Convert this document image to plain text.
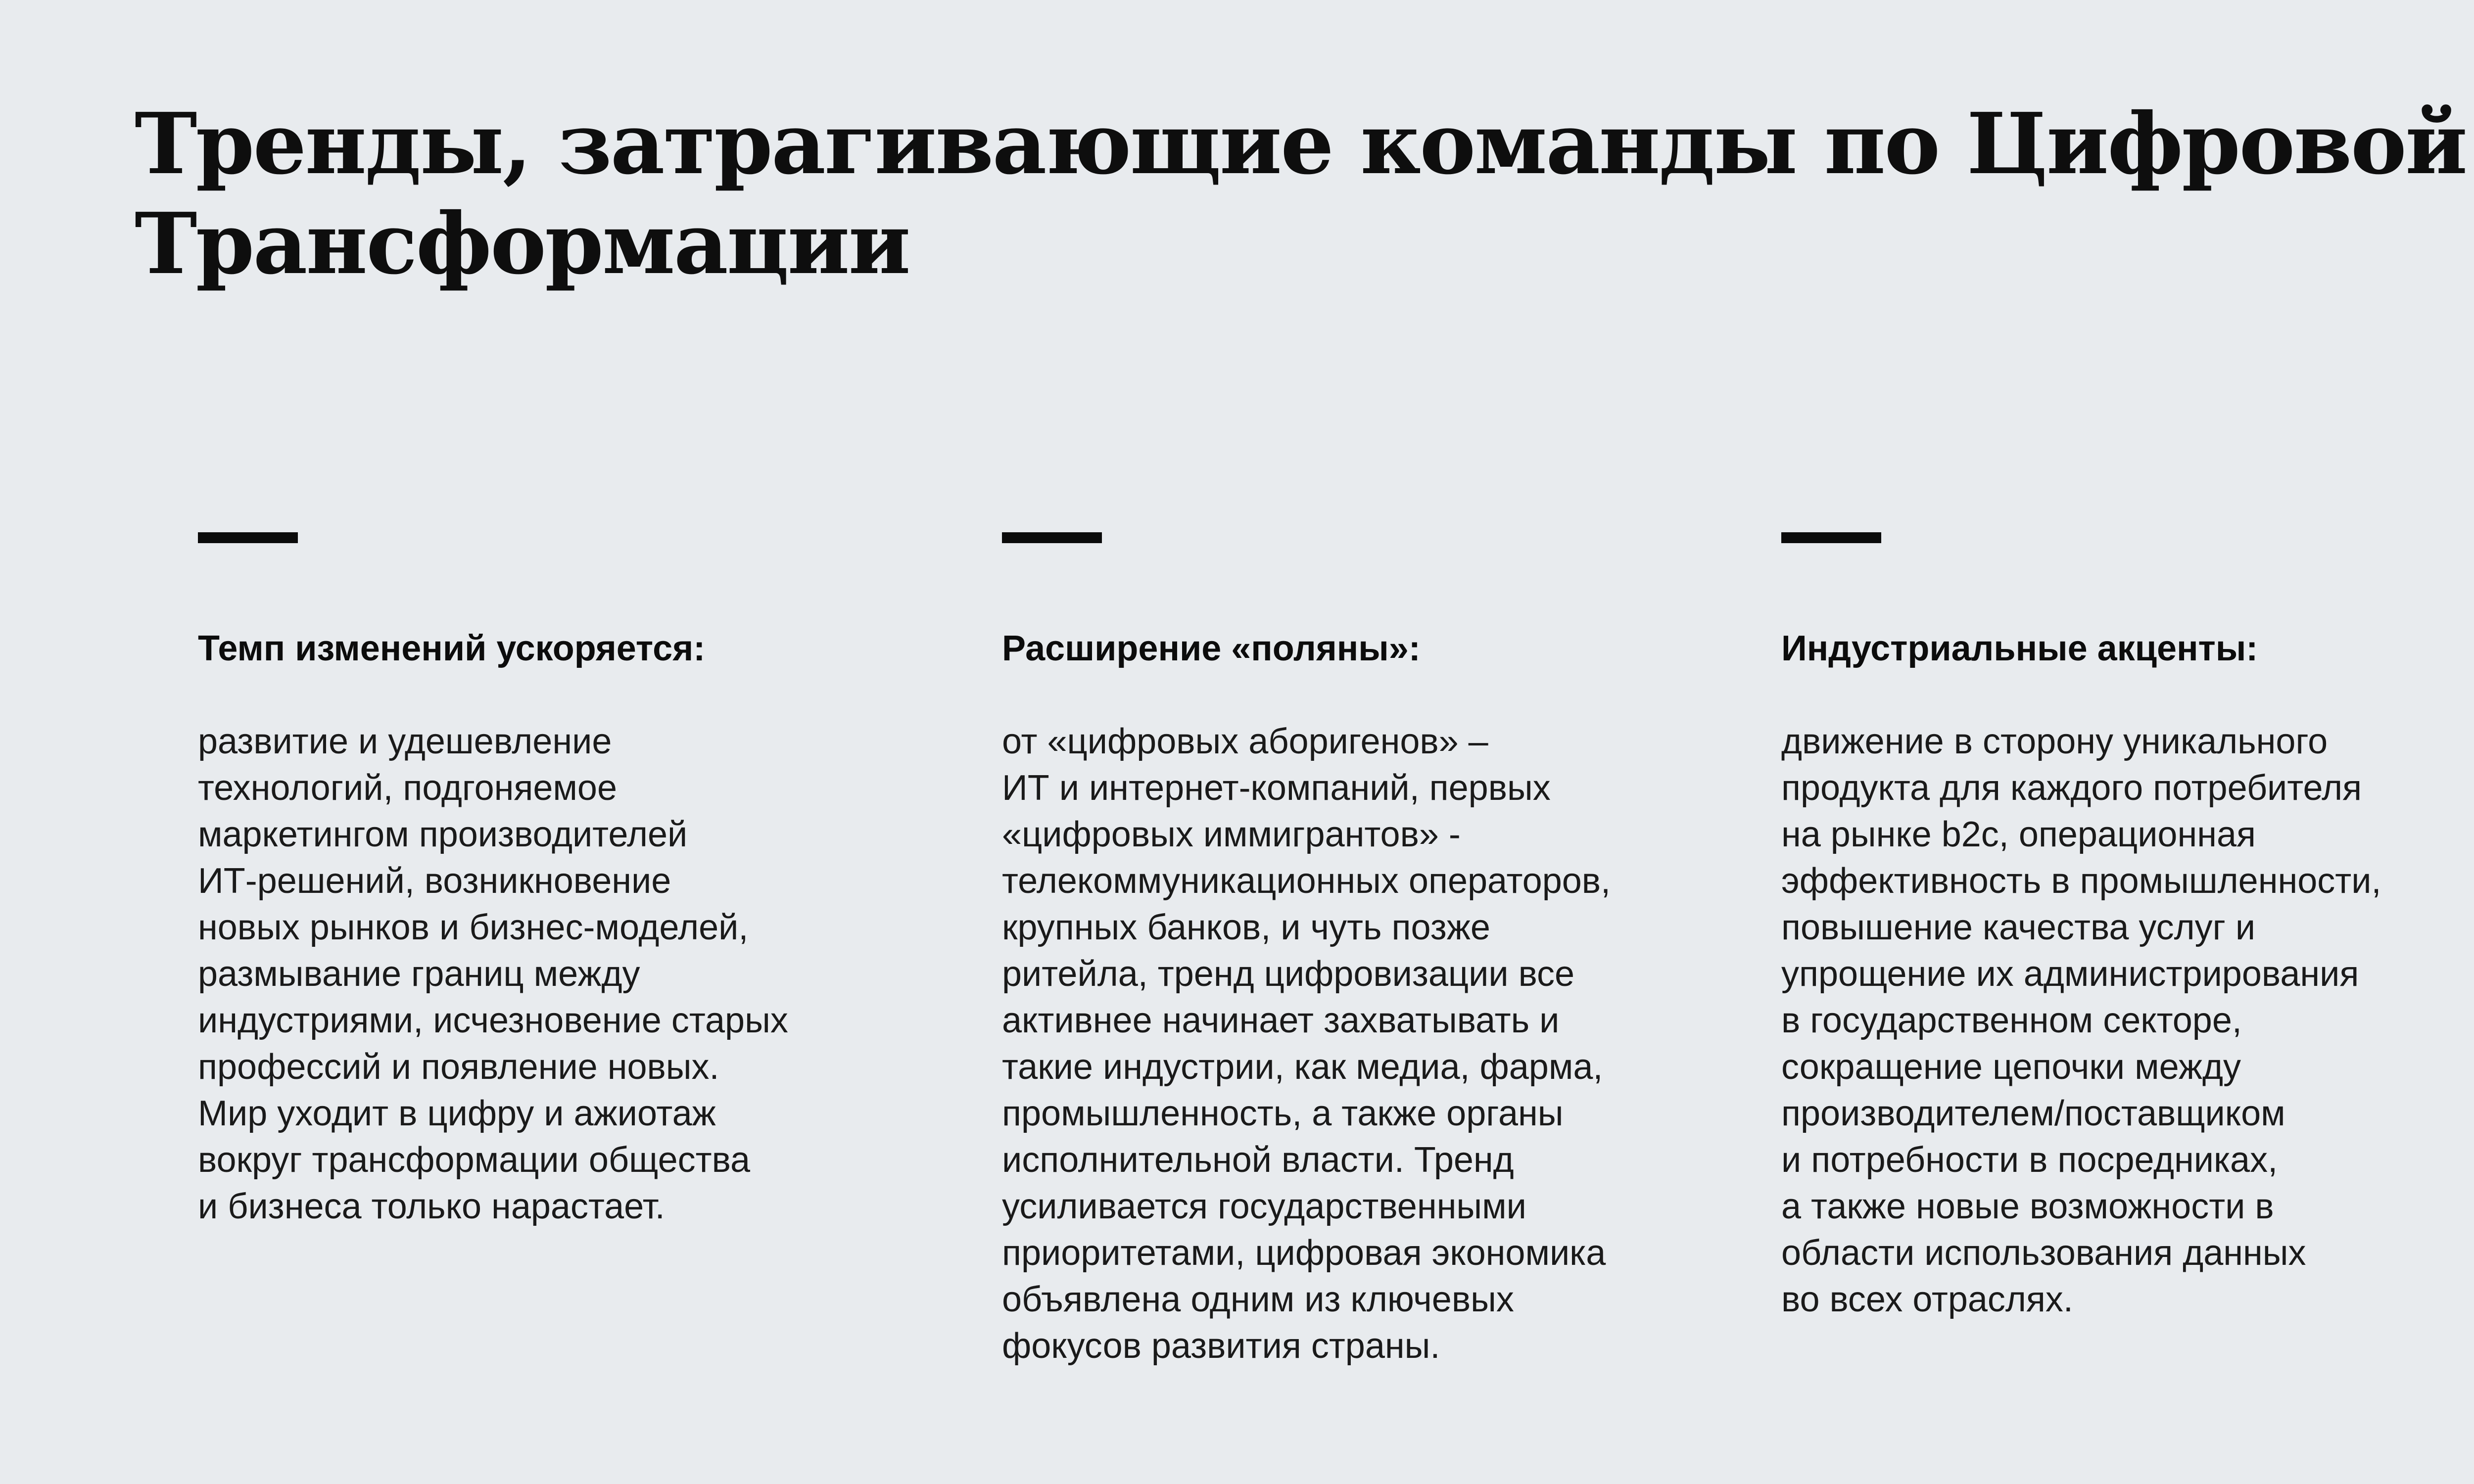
Тренды, затрагивающие команды по Цифровой
Трансформации

Темп изменений ускоряется:

развитие и удешевление
технологий, подгоняемое
маркетингом производителей
ИТ-решений, возникновение
новых рынков и бизнес-моделей,
размывание границ между
индустриями, исчезновение старых
профессий и появление новых.
Мир уходит в цифру и ажиотаж
вокруг трансформации общества
и бизнеса только нарастает.

Расширение «поляны»:

от «цифровых аборигенов» –
ИТ и интернет-компаний, первых
«цифровых иммигрантов» -
телекоммуникационных операторов,
крупных банков, и чуть позже
ритейла, тренд цифровизации все
активнее начинает захватывать и
такие индустрии, как медиа, фарма,
промышленность, а также органы
исполнительной власти. Тренд
усиливается государственными
приоритетами, цифровая экономика
объявлена одним из ключевых
фокусов развития страны.

Индустриальные акценты:

движение в сторону уникального
продукта для каждого потребителя
на рынке b2c, операционная
эффективность в промышленности,
повышение качества услуг и
упрощение их администрирования
в государственном секторе,
сокращение цепочки между
производителем/поставщиком
и потребности в посредниках,
а также новые возможности в
области использования данных
во всех отраслях.
